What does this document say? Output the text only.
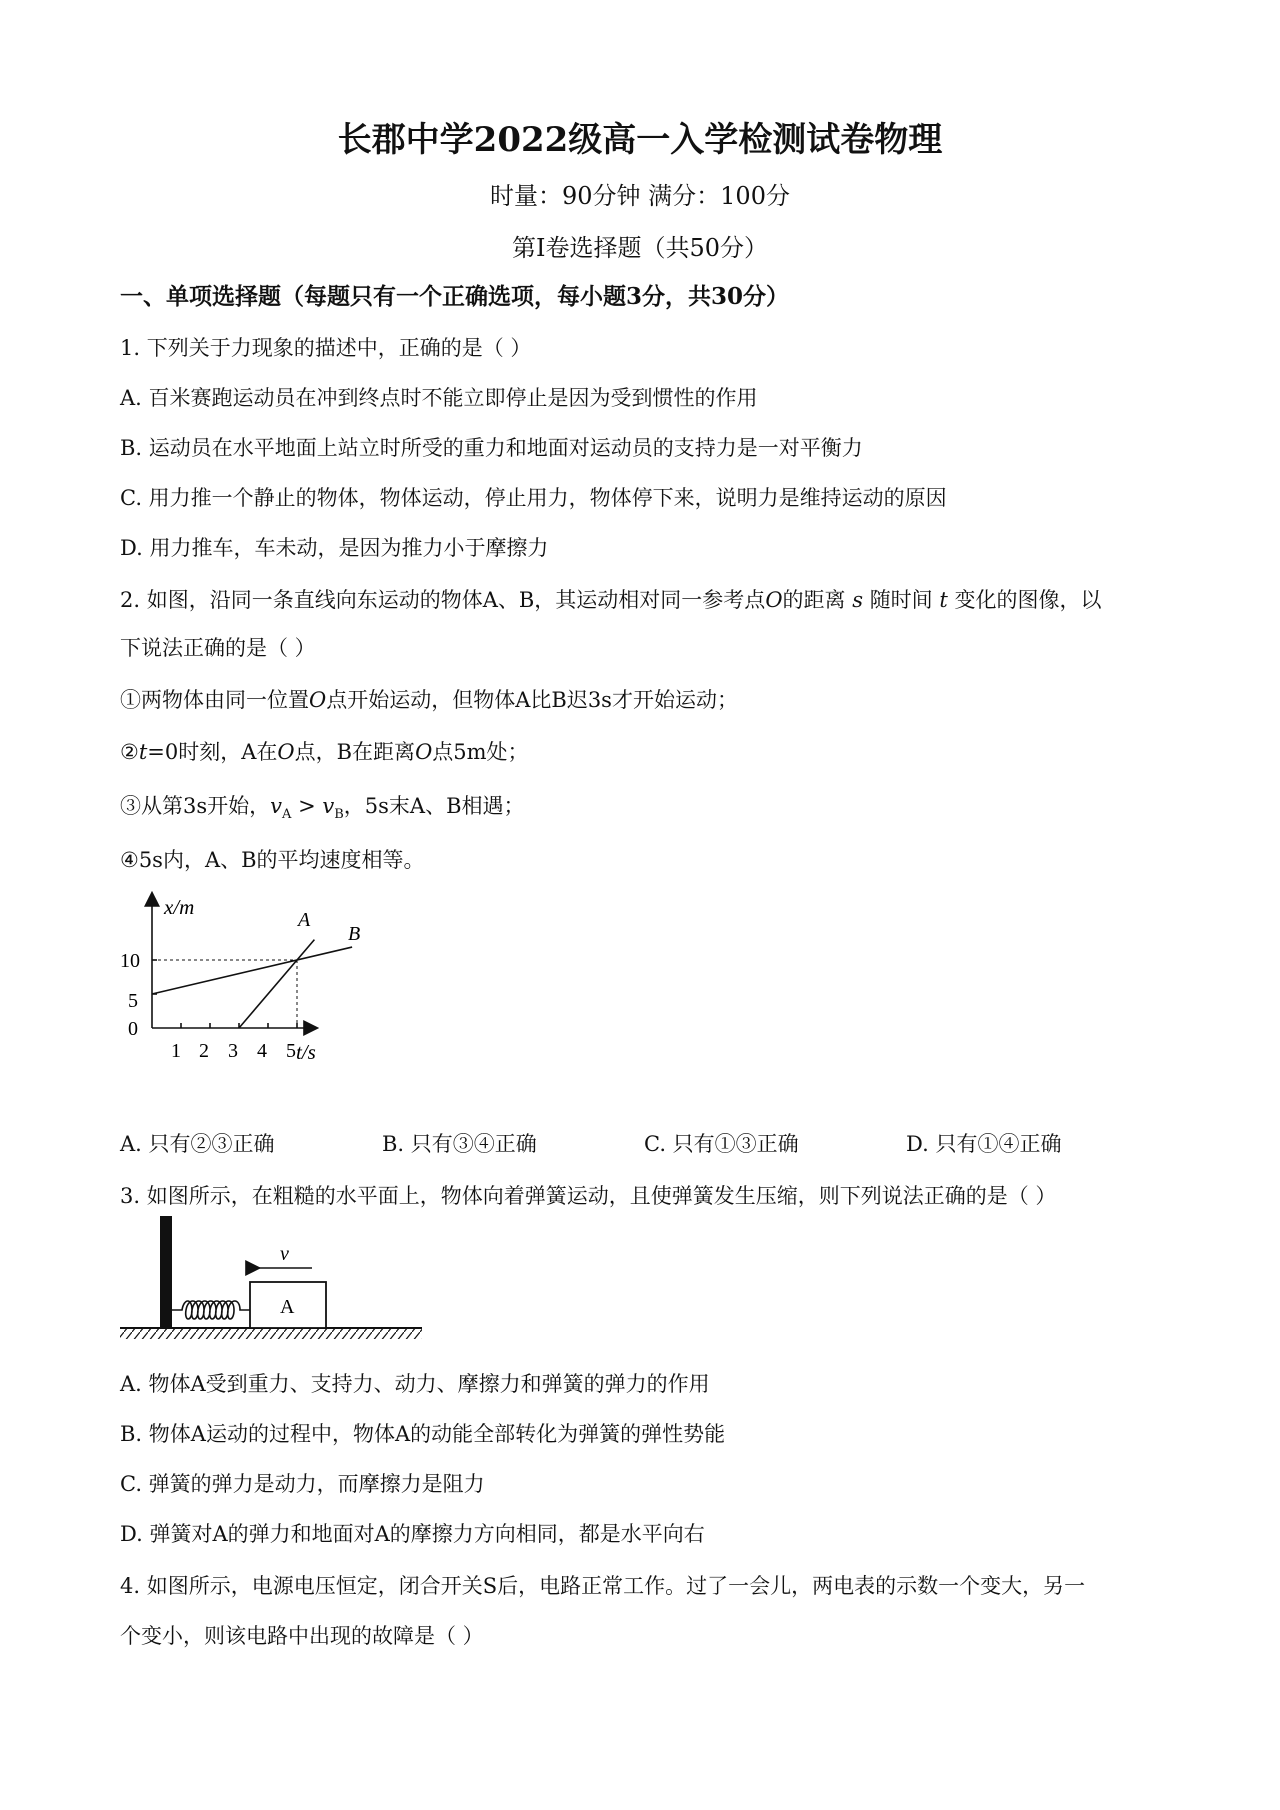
长郡中学2022级高一入学检测试卷物理
时量：90分钟 满分：100分
第Ⅰ卷选择题（共50分）
一、单项选择题（每题只有一个正确选项，每小题3分，共30分）
1. 下列关于力现象的描述中，正确的是（ ）
A. 百米赛跑运动员在冲到终点时不能立即停止是因为受到惯性的作用
B. 运动员在水平地面上站立时所受的重力和地面对运动员的支持力是一对平衡力
C. 用力推一个静止的物体，物体运动，停止用力，物体停下来，说明力是维持运动的原因
D. 用力推车，车未动，是因为推力小于摩擦力
2. 如图，沿同一条直线向东运动的物体A、B，其运动相对同一参考点O的距离 s 随时间 t 变化的图像，以
下说法正确的是（ ）
①两物体由同一位置O点开始运动，但物体A比B迟3s才开始运动；
②t=0时刻，A在O点，B在距离O点5m处；
③从第3s开始，$v_A > v_B$，5s末A、B相遇；
④5s内，A、B的平均速度相等。
x/m
t/s
10
5
0
1 2 3 4 5
A
B
A. 只有②③正确	B. 只有③④正确	C. 只有①③正确	D. 只有①④正确
3. 如图所示，在粗糙的水平面上，物体向着弹簧运动，且使弹簧发生压缩，则下列说法正确的是（ ）
A
v
A. 物体A受到重力、支持力、动力、摩擦力和弹簧的弹力的作用
B. 物体A运动的过程中，物体A的动能全部转化为弹簧的弹性势能
C. 弹簧的弹力是动力，而摩擦力是阻力
D. 弹簧对A的弹力和地面对A的摩擦力方向相同，都是水平向右
4. 如图所示，电源电压恒定，闭合开关S后，电路正常工作。过了一会儿，两电表的示数一个变大，另一
个变小，则该电路中出现的故障是（ ）
